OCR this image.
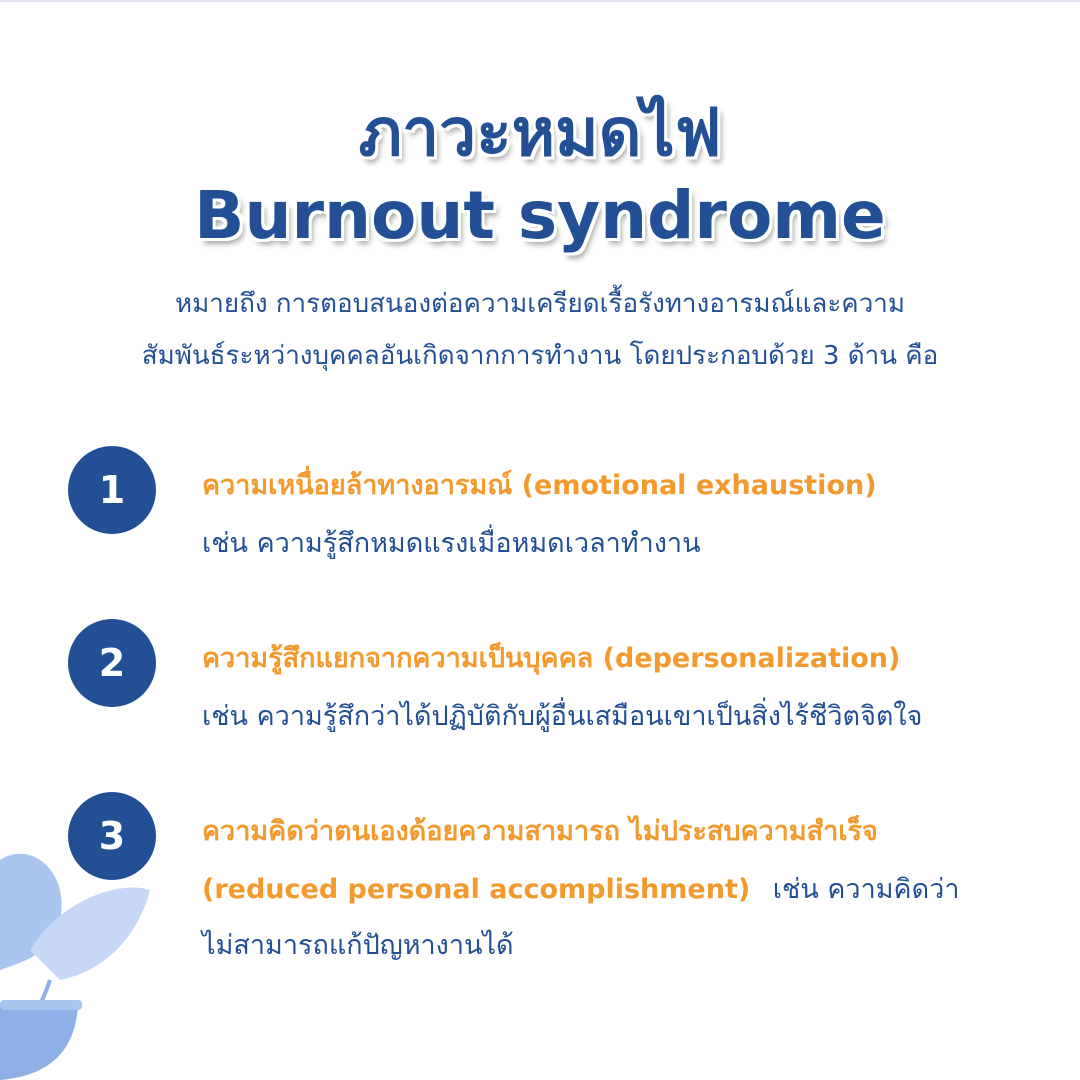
ภาวะหมดไฟ
Burnout syndrome
หมายถึง การตอบสนองต่อความเครียดเรื้อรังทางอารมณ์และความ
สัมพันธ์ระหว่างบุคคลอันเกิดจากการทำงาน โดยประกอบด้วย 3 ด้าน คือ
1	ความเหนื่อยล้าทางอารมณ์ (emotional exhaustion)
เช่น ความรู้สึกหมดแรงเมื่อหมดเวลาทำงาน
2	ความรู้สึกแยกจากความเป็นบุคคล (depersonalization)
เช่น ความรู้สึกว่าได้ปฏิบัติกับผู้อื่นเสมือนเขาเป็นสิ่งไร้ชีวิตจิตใจ
3	ความคิดว่าตนเองด้อยความสามารถ ไม่ประสบความสำเร็จ
(reduced personal accomplishment) เช่น ความคิดว่า
ไม่สามารถแก้ปัญหางานได้
